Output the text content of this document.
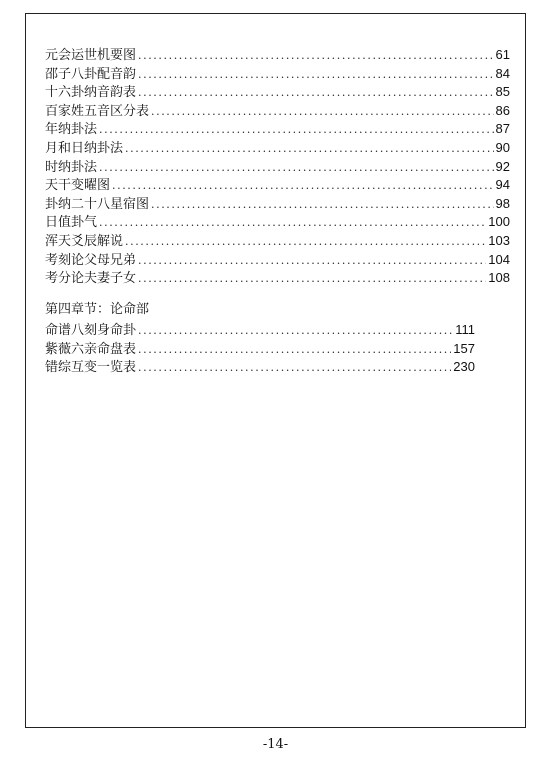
元会运世机要图 .....	61
邵子八卦配音韵 .....	84
十六卦纳音韵表 .....	85
百家姓五音区分表 .....	86
年纳卦法 .....	87
月和日纳卦法 .....	90
时纳卦法 .....	92
天干变曜图 .....	94
卦纳二十八星宿图 .....	98
日值卦气 .....	100
浑天爻辰解说 .....	103
考刻论父母兄弟 .....	104
考分论夫妻子女 .....	108
第四章节：论命部
命谱八刻身命卦 .....	111
紫薇六亲命盘表 .....	157
错综互变一览表 .....	230
-14-
